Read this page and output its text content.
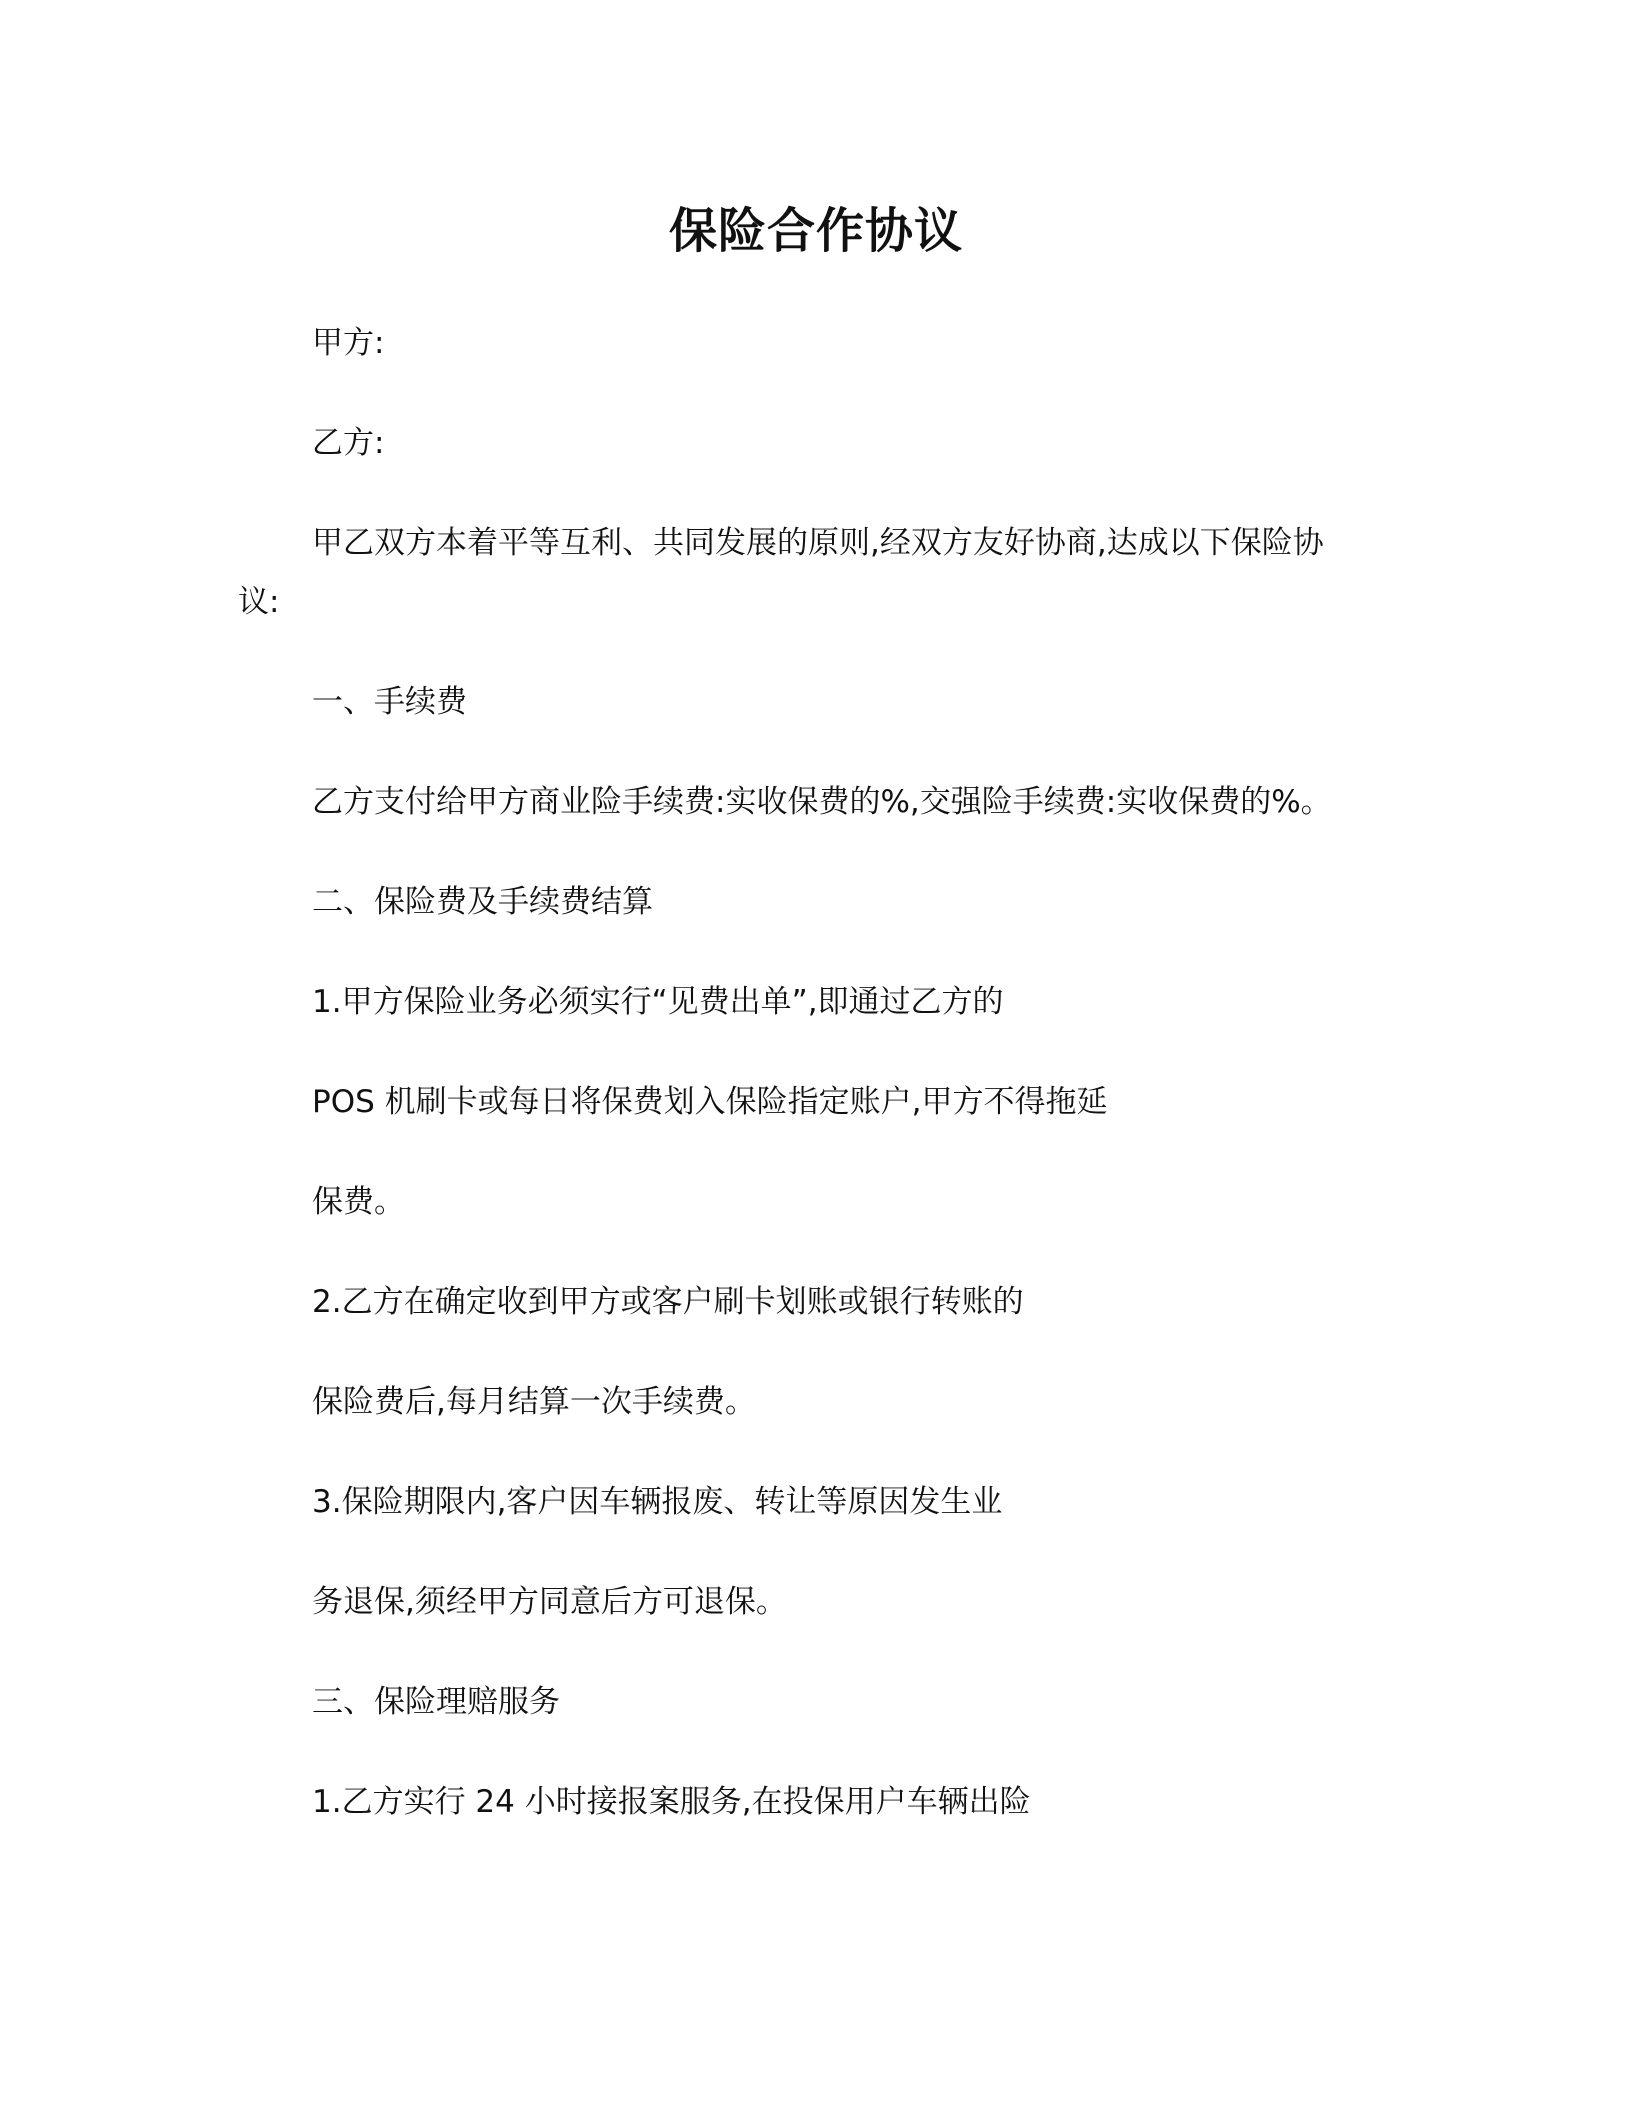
保险合作协议
甲方:
乙方:
甲乙双方本着平等互利、共同发展的原则,经双方友好协商,达成以下保险协
议:
一、手续费
乙方支付给甲方商业险手续费:实收保费的%,交强险手续费:实收保费的%。
二、保险费及手续费结算
1.甲方保险业务必须实行“见费出单”,即通过乙方的
POS 机刷卡或每日将保费划入保险指定账户,甲方不得拖延
保费。
2.乙方在确定收到甲方或客户刷卡划账或银行转账的
保险费后,每月结算一次手续费。
3.保险期限内,客户因车辆报废、转让等原因发生业
务退保,须经甲方同意后方可退保。
三、保险理赔服务
1.乙方实行 24 小时接报案服务,在投保用户车辆出险
